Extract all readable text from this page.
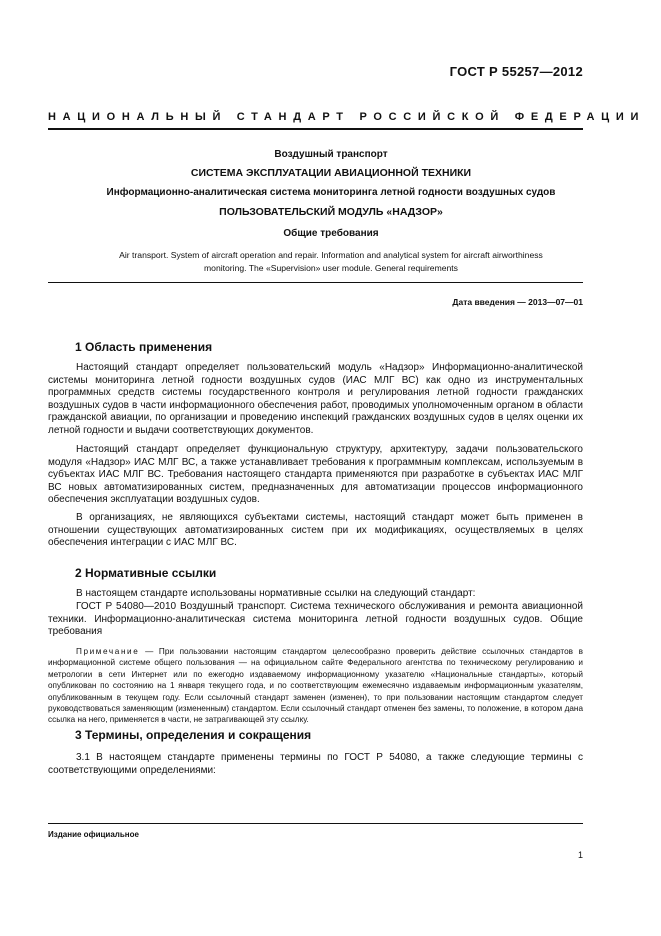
ГОСТ Р 55257—2012
НАЦИОНАЛЬНЫЙ СТАНДАРТ РОССИЙСКОЙ ФЕДЕРАЦИИ
Воздушный транспорт
СИСТЕМА ЭКСПЛУАТАЦИИ АВИАЦИОННОЙ ТЕХНИКИ
Информационно-аналитическая система мониторинга летной годности воздушных судов
ПОЛЬЗОВАТЕЛЬСКИЙ МОДУЛЬ «НАДЗОР»
Общие требования
Air transport. System of aircraft operation and repair. Information and analytical system for aircraft airworthiness
monitoring. The «Supervision» user module. General requirements
Дата введения — 2013—07—01
1 Область применения
Настоящий стандарт определяет пользовательский модуль «Надзор» Информационно-аналитической системы мониторинга летной годности воздушных судов (ИАС МЛГ ВС) как одно из инструментальных программных средств системы государственного контроля и регулирования летной годности гражданских воздушных судов в части информационного обеспечения работ, проводимых уполномоченным органом в области гражданской авиации, по организации и проведению инспекций гражданских воздушных судов в целях оценки их летной годности и выдачи соответствующих документов.
Настоящий стандарт определяет функциональную структуру, архитектуру, задачи пользовательского модуля «Надзор» ИАС МЛГ ВС, а также устанавливает требования к программным комплексам, используемым в субъектах ИАС МЛГ ВС. Требования настоящего стандарта применяются при разработке в субъектах ИАС МЛГ ВС новых автоматизированных систем, предназначенных для автоматизации процессов информационного обеспечения эксплуатации воздушных судов.
В организациях, не являющихся субъектами системы, настоящий стандарт может быть применен в отношении существующих автоматизированных систем при их модификациях, осуществляемых в целях обеспечения интеграции с ИАС МЛГ ВС.
2 Нормативные ссылки
В настоящем стандарте использованы нормативные ссылки на следующий стандарт:
ГОСТ Р 54080—2010 Воздушный транспорт. Система технического обслуживания и ремонта авиационной техники. Информационно-аналитическая система мониторинга летной годности воздушных судов. Общие требования
Примечание — При пользовании настоящим стандартом целесообразно проверить действие ссылочных стандартов в информационной системе общего пользования — на официальном сайте Федерального агентства по техническому регулированию и метрологии в сети Интернет или по ежегодно издаваемому информационному указателю «Национальные стандарты», который опубликован по состоянию на 1 января текущего года, и по соответствующим ежемесячно издаваемым информационным указателям, опубликованным в текущем году. Если ссылочный стандарт заменен (изменен), то при пользовании настоящим стандартом следует руководствоваться заменяющим (измененным) стандартом. Если ссылочный стандарт отменен без замены, то положение, в котором дана ссылка на него, применяется в части, не затрагивающей эту ссылку.
3 Термины, определения и сокращения
3.1 В настоящем стандарте применены термины по ГОСТ Р 54080, а также следующие термины с соответствующими определениями:
Издание официальное
1
